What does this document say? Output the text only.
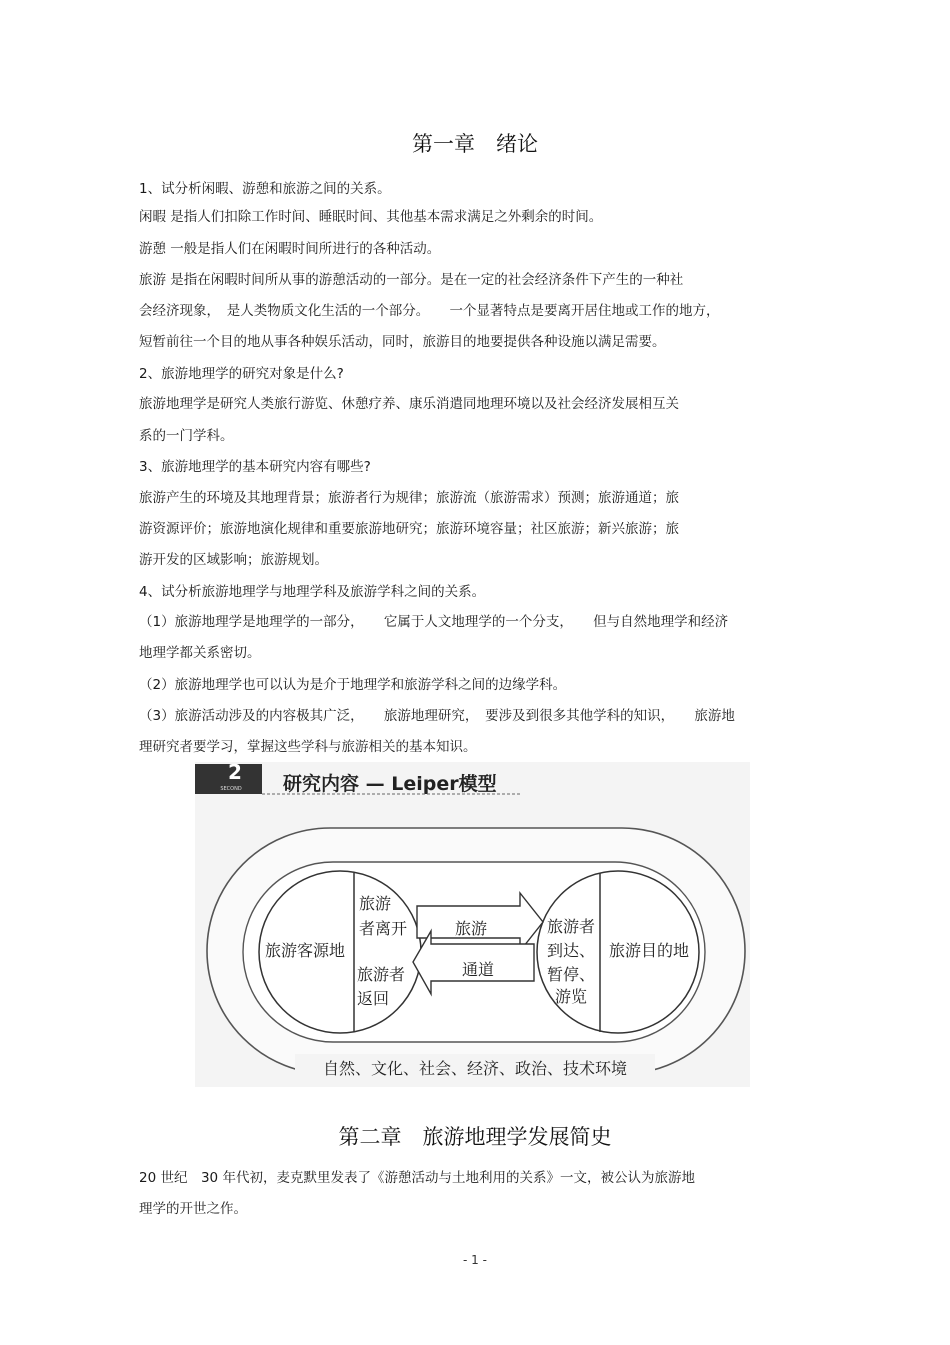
第一章　绪论
1、试分析闲暇、游憩和旅游之间的关系。
闲暇 是指人们扣除工作时间、睡眠时间、其他基本需求满足之外剩余的时间。
游憩 一般是指人们在闲暇时间所进行的各种活动。
旅游 是指在闲暇时间所从事的游憩活动的一部分。是在一定的社会经济条件下产生的一种社
会经济现象，　是人类物质文化生活的一个部分。　　一个显著特点是要离开居住地或工作的地方，
短暂前往一个目的地从事各种娱乐活动，同时，旅游目的地要提供各种设施以满足需要。
2、旅游地理学的研究对象是什么?
旅游地理学是研究人类旅行游览、休憩疗养、康乐消遣同地理环境以及社会经济发展相互关
系的一门学科。
3、旅游地理学的基本研究内容有哪些?
旅游产生的环境及其地理背景；旅游者行为规律；旅游流（旅游需求）预测；旅游通道；旅
游资源评价；旅游地演化规律和重要旅游地研究；旅游环境容量；社区旅游；新兴旅游；旅
游开发的区域影响；旅游规划。
4、试分析旅游地理学与地理学科及旅游学科之间的关系。
（1）旅游地理学是地理学的一部分，　　它属于人文地理学的一个分支，　　但与自然地理学和经济
地理学都关系密切。
（2）旅游地理学也可以认为是介于地理学和旅游学科之间的边缘学科。
（3）旅游活动涉及的内容极其广泛，　　旅游地理研究，　要涉及到很多其他学科的知识，　　旅游地
理研究者要学习，掌握这些学科与旅游相关的基本知识。
2
SECOND 研究内容 — Leiper模型
旅游客源地
旅游
者离开
旅游者
返回
旅游目的地
旅游者
到达、
暂停、
游览
旅游
通道
自然、文化、社会、经济、政治、技术环境
第二章　旅游地理学发展简史
20 世纪　30 年代初，麦克默里发表了《游憩活动与土地利用的关系》一文，被公认为旅游地
理学的开世之作。
- 1 -
